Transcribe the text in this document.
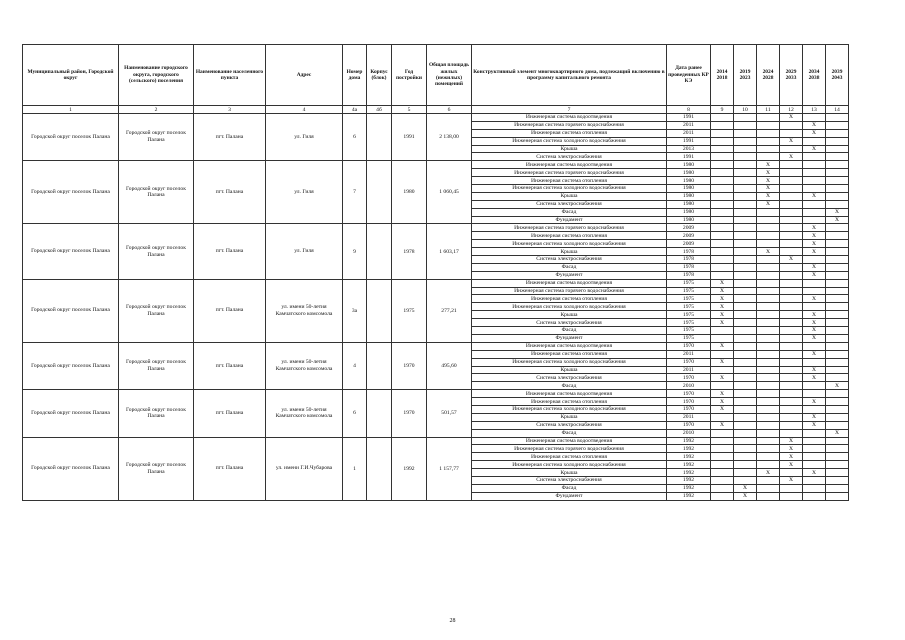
Муниципальный район, Городской округ	Наименование городского округа, городского (сельского) поселения	Наименование населенного пункта	Адрес	Номер дома	Корпус (блок)	Год постройки	Общая площадь жилых (нежилых) помещений	Конструктивный элемент многоквартирного дома, подлежащий включению в программу капитального ремонта	Дата ранее проведенных КР КЭ	2014 2018	2019 2023	2024 2028	2029 2033	2034 2038	2039 2043
1	2	3	4	4а	4б	5	6	7	8	9	10	11	12	13	14
Городской округ поселок Палана	Городской округ поселок Палана	пгт. Палана	ул. Гиля	6		1991	2 138,00	Инженерная система водоотведения	1991				X		
								Инженерная система горячего водоснабжения	2011					X	
								Инженерная система отопления	2011					X	
								Инженерная система холодного водоснабжения	1991				X		
								Крыша	2013					X	
								Система электроснабжения	1991				X		
Городской округ поселок Палана	Городской округ поселок Палана	пгт. Палана	ул. Гиля	7		1980	1 060,45	Инженерная система водоотведения	1980			X			
								Инженерная система горячего водоснабжения	1980			X			
								Инженерная система отопления	1980			X			
								Инженерная система холодного водоснабжения	1980			X			
								Крыша	1980			X		X	
								Система электроснабжения	1980			X			
								Фасад	1980						X
								Фундамент	1980						X
Городской округ поселок Палана	Городской округ поселок Палана	пгт. Палана	ул. Гиля	9		1978	1 603,17	Инженерная система горячего водоснабжения	2009					X	
								Инженерная система отопления	2009					X	
								Инженерная система холодного водоснабжения	2009					X	
								Крыша	1978			X		X	
								Система электроснабжения	1978				X		
								Фасад	1978					X	
								Фундамент	1978					X	
Городской округ поселок Палана	Городской округ поселок Палана	пгт. Палана	ул. имени 50-летия Камчатского комсомола	3а		1975	277,21	Инженерная система водоотведения	1975	X					
								Инженерная система горячего водоснабжения	1975	X					
								Инженерная система отопления	1975	X				X	
								Инженерная система холодного водоснабжения	1975	X					
								Крыша	1975	X				X	
								Система электроснабжения	1975	X				X	
								Фасад	1975					X	
								Фундамент	1975					X	
Городской округ поселок Палана	Городской округ поселок Палана	пгт. Палана	ул. имени 50-летия Камчатского комсомола	4		1970	495,60	Инженерная система водоотведения	1970	X					
								Инженерная система отопления	2011					X	
								Инженерная система холодного водоснабжения	1970	X					
								Крыша	2011					X	
								Система электроснабжения	1970	X				X	
								Фасад	2010						X
Городской округ поселок Палана	Городской округ поселок Палана	пгт. Палана	ул. имени 50-летия Камчатского комсомола	6		1970	501,57	Инженерная система водоотведения	1970	X					
								Инженерная система отопления	1970	X				X	
								Инженерная система холодного водоснабжения	1970	X					
								Крыша	2011					X	
								Система электроснабжения	1970	X				X	
								Фасад	2010						X
Городской округ поселок Палана	Городской округ поселок Палана	пгт. Палана	ул. имени Г.И.Чубарова	1		1992	1 157,77	Инженерная система водоотведения	1992				X		
								Инженерная система горячего водоснабжения	1992				X		
								Инженерная система отопления	1992				X		
								Инженерная система холодного водоснабжения	1992				X		
								Крыша	1992			X		X	
								Система электроснабжения	1992				X		
								Фасад	1992		X				
								Фундамент	1992		X				
28
